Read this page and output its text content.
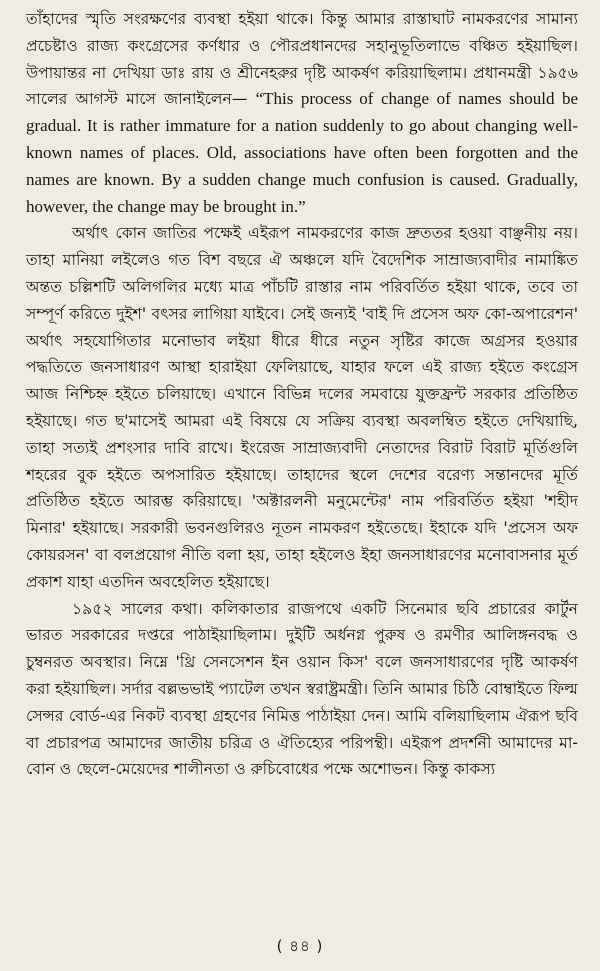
তাঁহাদের স্মৃতি সংরক্ষণের ব্যবস্থা হইয়া থাকে। কিন্তু আমার রাস্তাঘাট নামকরণের সামান্য প্রচেষ্টাও রাজ্য কংগ্রেসের কর্ণধার ও পৌরপ্রধানদের সহানুভূতিলাভে বঞ্চিত হইয়াছিল। উপায়ান্তর না দেখিয়া ডাঃ রায় ও শ্রীনেহরুর দৃষ্টি আকর্ষণ করিয়াছিলাম। প্রধানমন্ত্রী ১৯৫৬ সালের আগস্ট মাসে জানাইলেন— “This process of change of names should be gradual. It is rather immature for a nation suddenly to go about changing well-known names of places. Old, associations have often been forgotten and the names are known. By a sudden change much confusion is caused. Gradually, however, the change may be brought in.”

অর্থাৎ কোন জাতির পক্ষেই এইরূপ নামকরণের কাজ দ্রুততর হওয়া বাঞ্ছনীয় নয়। তাহা মানিয়া লইলেও গত বিশ বছরে ঐ অঞ্চলে যদি বৈদেশিক সাম্রাজ্যবাদীর নামাঙ্কিত অন্তত চল্লিশটি অলিগলির মধ্যে মাত্র পাঁচটি রাস্তার নাম পরিবর্তিত হইয়া থাকে, তবে তা সম্পূর্ণ করিতে দুইশ' বৎসর লাগিয়া যাইবে। সেই জন্যই 'বাই দি প্রসেস অফ কো-অপারেশন' অর্থাৎ সহযোগিতার মনোভাব লইয়া ধীরে ধীরে নতুন সৃষ্টির কাজে অগ্রসর হওয়ার পদ্ধতিতে জনসাধারণ আস্থা হারাইয়া ফেলিয়াছে, যাহার ফলে এই রাজ্য হইতে কংগ্রেস আজ নিশ্চিহ্ন হইতে চলিয়াছে। এখানে বিভিন্ন দলের সমবায়ে যুক্তফ্রন্ট সরকার প্রতিষ্ঠিত হইয়াছে। গত ছ'মাসেই আমরা এই বিষয়ে যে সক্রিয় ব্যবস্থা অবলম্বিত হইতে দেখিয়াছি, তাহা সত্যই প্রশংসার দাবি রাখে। ইংরেজ সাম্রাজ্যবাদী নেতাদের বিরাট বিরাট মূর্তিগুলি শহরের বুক হইতে অপসারিত হইয়াছে। তাহাদের স্থলে দেশের বরেণ্য সন্তানদের মূর্তি প্রতিষ্ঠিত হইতে আরম্ভ করিয়াছে। 'অক্টারলনী মনুমেন্টের' নাম পরিবর্তিত হইয়া 'শহীদ মিনার' হইয়াছে। সরকারী ভবনগুলিরও নূতন নামকরণ হইতেছে। ইহাকে যদি 'প্রসেস অফ কোয়রসন' বা বলপ্রয়োগ নীতি বলা হয়, তাহা হইলেও ইহা জনসাধারণের মনোবাসনার মূর্ত প্রকাশ যাহা এতদিন অবহেলিত হইয়াছে।

১৯৫২ সালের কথা। কলিকাতার রাজপথে একটি সিনেমার ছবি প্রচারের কার্টুন ভারত সরকারের দপ্তরে পাঠাইয়াছিলাম। দুইটি অর্ধনগ্ন পুরুষ ও রমণীর আলিঙ্গনবদ্ধ ও চুম্বনরত অবস্থার। নিম্নে 'থ্রি সেনসেশন ইন ওয়ান কিস' বলে জনসাধারণের দৃষ্টি আকর্ষণ করা হইয়াছিল। সর্দার বল্লভভাই প্যাটেল তখন স্বরাষ্ট্রমন্ত্রী। তিনি আমার চিঠি বোম্বাইতে ফিল্ম সেন্সর বোর্ড-এর নিকট ব্যবস্থা গ্রহণের নিমিত্ত পাঠাইয়া দেন। আমি বলিয়াছিলাম ঐরূপ ছবি বা প্রচারপত্র আমাদের জাতীয় চরিত্র ও ঐতিহ্যের পরিপন্থী। এইরূপ প্রদর্শনী আমাদের মা-বোন ও ছেলে-মেয়েদের শালীনতা ও রুচিবোধের পক্ষে অশোভন। কিন্তু কাকস্য

( ৪৪ )
